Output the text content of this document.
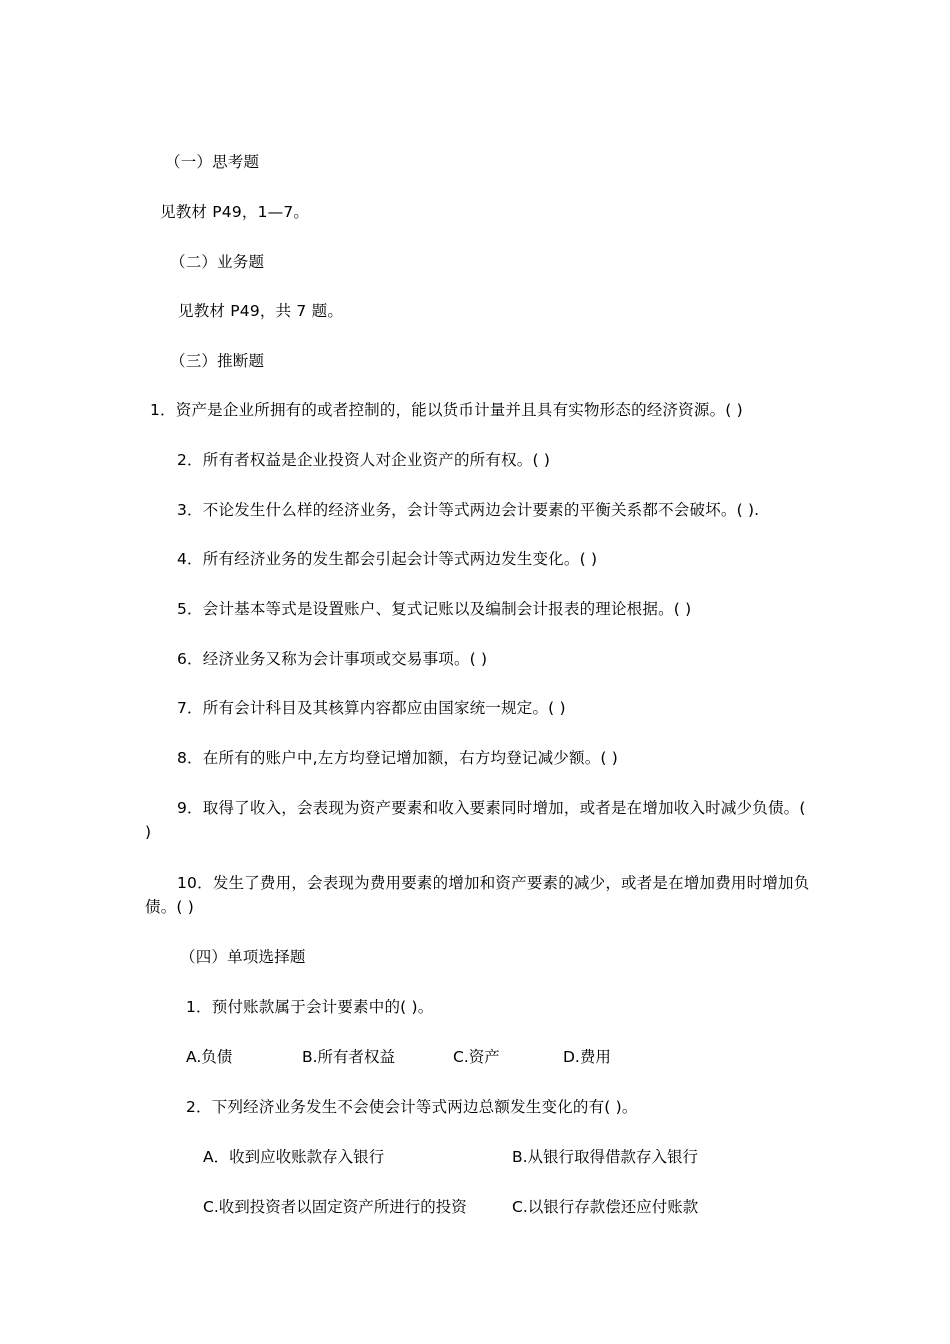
（一）思考题
见教材 P49，1—7。
（二）业务题
见教材 P49，共 7 题。
（三）推断题
1．资产是企业所拥有的或者控制的，能以货币计量并且具有实物形态的经济资源。( )
2．所有者权益是企业投资人对企业资产的所有权。( )
3．不论发生什么样的经济业务，会计等式两边会计要素的平衡关系都不会破坏。( ).
4．所有经济业务的发生都会引起会计等式两边发生变化。( )
5．会计基本等式是设置账户、复式记账以及编制会计报表的理论根据。( )
6．经济业务又称为会计事项或交易事项。( )
7．所有会计科目及其核算内容都应由国家统一规定。( )
8．在所有的账户中,左方均登记增加额，右方均登记减少额。( )
9．取得了收入，会表现为资产要素和收入要素同时增加，或者是在增加收入时减少负债。( )
10．发生了费用，会表现为费用要素的增加和资产要素的减少，或者是在增加费用时增加负债。( )
（四）单项选择题
1．预付账款属于会计要素中的( )。
A.负债	B.所有者权益	C.资产	D.费用
2．下列经济业务发生不会使会计等式两边总额发生变化的有( )。
A．收到应收账款存入银行	B.从银行取得借款存入银行
C.收到投资者以固定资产所进行的投资	C.以银行存款偿还应付账款
